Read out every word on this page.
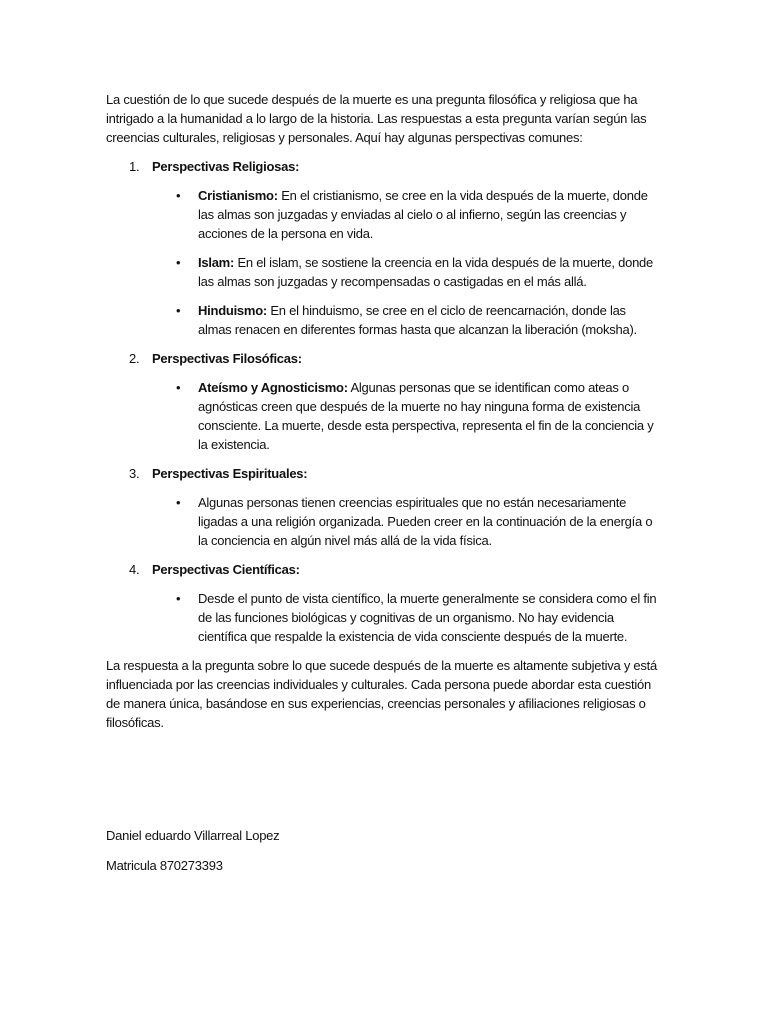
La cuestión de lo que sucede después de la muerte es una pregunta filosófica y religiosa que ha intrigado a la humanidad a lo largo de la historia. Las respuestas a esta pregunta varían según las creencias culturales, religiosas y personales. Aquí hay algunas perspectivas comunes:

1. Perspectivas Religiosas:
• Cristianismo: En el cristianismo, se cree en la vida después de la muerte, donde las almas son juzgadas y enviadas al cielo o al infierno, según las creencias y acciones de la persona en vida.
• Islam: En el islam, se sostiene la creencia en la vida después de la muerte, donde las almas son juzgadas y recompensadas o castigadas en el más allá.
• Hinduismo: En el hinduismo, se cree en el ciclo de reencarnación, donde las almas renacen en diferentes formas hasta que alcanzan la liberación (moksha).
2. Perspectivas Filosóficas:
• Ateísmo y Agnosticismo: Algunas personas que se identifican como ateas o agnósticas creen que después de la muerte no hay ninguna forma de existencia consciente. La muerte, desde esta perspectiva, representa el fin de la conciencia y la existencia.
3. Perspectivas Espirituales:
• Algunas personas tienen creencias espirituales que no están necesariamente ligadas a una religión organizada. Pueden creer en la continuación de la energía o la conciencia en algún nivel más allá de la vida física.
4. Perspectivas Científicas:
• Desde el punto de vista científico, la muerte generalmente se considera como el fin de las funciones biológicas y cognitivas de un organismo. No hay evidencia científica que respalde la existencia de vida consciente después de la muerte.

La respuesta a la pregunta sobre lo que sucede después de la muerte es altamente subjetiva y está influenciada por las creencias individuales y culturales. Cada persona puede abordar esta cuestión de manera única, basándose en sus experiencias, creencias personales y afiliaciones religiosas o filosóficas.

Daniel eduardo Villarreal Lopez
Matricula 870273393
